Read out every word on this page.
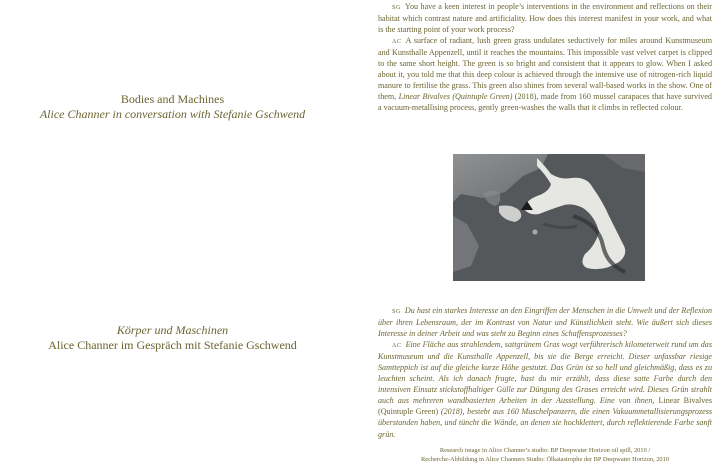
Bodies and Machines
Alice Channer in conversation with Stefanie Gschwend
Körper und Maschinen
Alice Channer im Gespräch mit Stefanie Gschwend

SG You have a keen interest in people’s interventions in the environment and reflections on their habitat which contrast nature and artificiality. How does this interest manifest in your work, and what is the starting point of your work process?

AC A surface of radiant, lush green grass undulates seductively for miles around Kunstmuseum and Kunsthalle Appenzell, until it reaches the mountains. This impossible vast velvet carpet is clipped to the same short height. The green is so bright and consistent that it appears to glow. When I asked about it, you told me that this deep colour is achieved through the intensive use of nitrogen-rich liquid manure to fertilise the grass. This green also shines from several wall-based works in the show. One of them, Linear Bivalves (Quintuple Green) (2018), made from 160 mussel carapaces that have survived a vacuum-metallising process, gently green-washes the walls that it climbs in reflected colour.

SG Du hast ein starkes Interesse an den Eingriffen der Menschen in die Umwelt und der Reflexion über ihren Lebensraum, der im Kontrast von Natur und Künstlichkeit steht. Wie äußert sich dieses Interesse in deiner Arbeit und was steht zu Beginn eines Schaffensprozesses?

AC Eine Fläche aus strahlendem, sattgrünem Gras wogt verführerisch kilometerweit rund um das Kunstmuseum und die Kunsthalle Appenzell, bis sie die Berge erreicht. Dieser unfassbar riesige Samtteppich ist auf die gleiche kurze Höhe gestutzt. Das Grün ist so hell und gleichmäßig, dass es zu leuchten scheint. Als ich danach fragte, hast du mir erzählt, dass diese satte Farbe durch den intensiven Einsatz stickstoffhaltiger Gülle zur Düngung des Grases erreicht wird. Dieses Grün strahlt auch aus mehreren wandbasierten Arbeiten in der Ausstellung. Eine von ihnen, Linear Bivalves (Quintuple Green) (2018), besteht aus 160 Muschelpanzern, die einen Vakuummetallisierungsprozess überstanden haben, und tüncht die Wände, an denen sie hochklettert, durch reflektierende Farbe sanft grün.

Research image in Alice Channer’s studio: BP Deepwater Horizon oil spill, 2010 /
Recherche-Abbildung in Alice Channers Studio: Ölkatastrophe der BP Deepwater Horizon, 2010
